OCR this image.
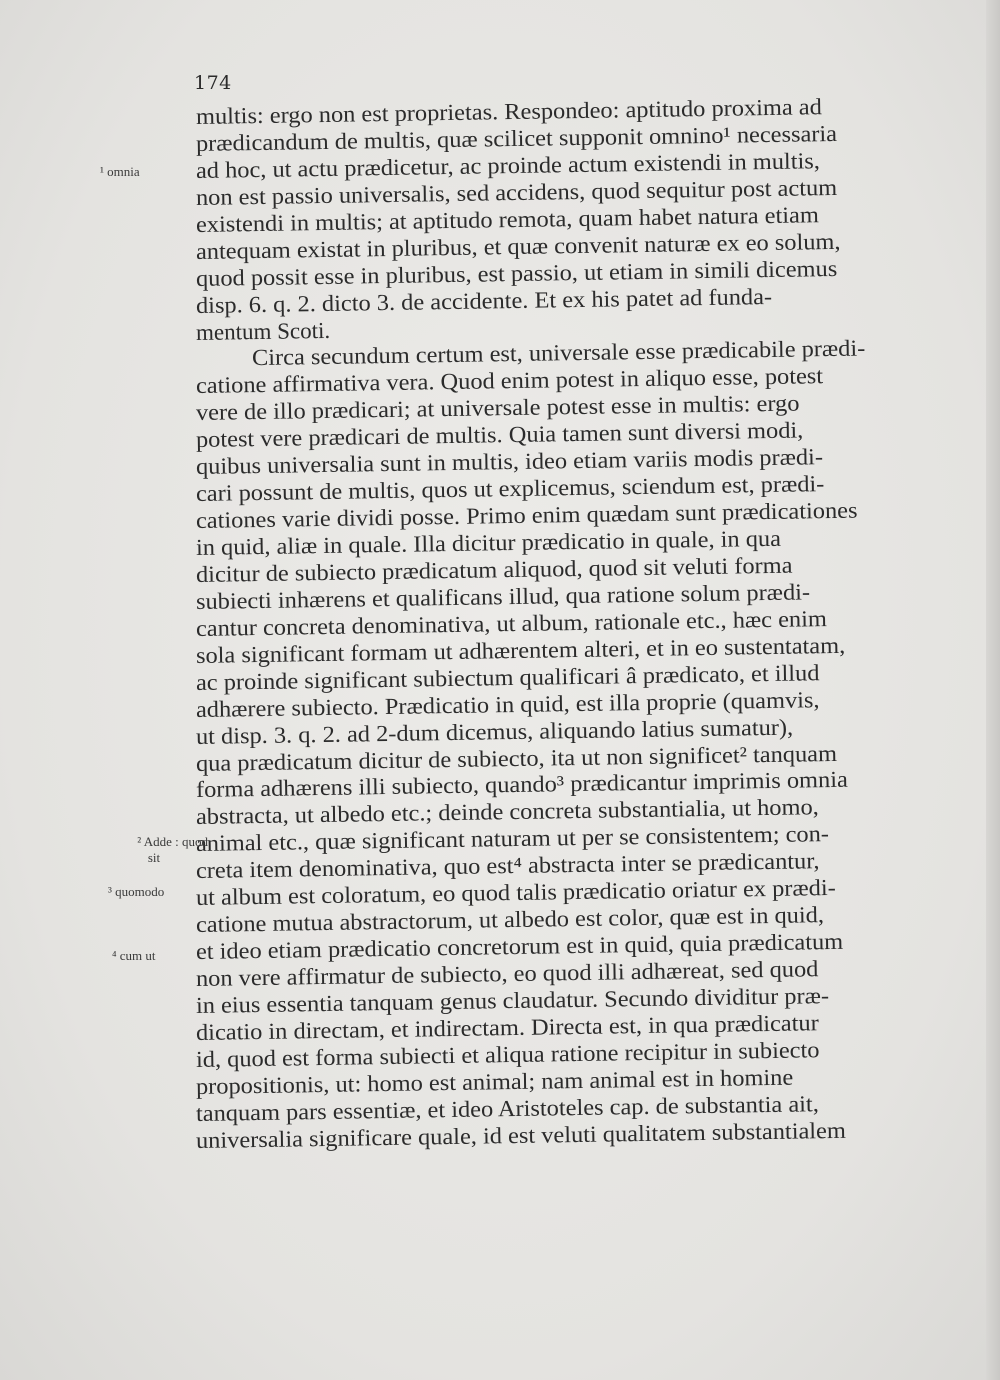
174
multis: ergo non est proprietas. Respondeo: aptitudo proxima ad
prædicandum de multis, quæ scilicet supponit omnino¹ necessaria
ad hoc, ut actu prædicetur, ac proinde actum existendi in multis,
non est passio universalis, sed accidens, quod sequitur post actum
existendi in multis; at aptitudo remota, quam habet natura etiam
antequam existat in pluribus, et quæ convenit naturæ ex eo solum,
quod possit esse in pluribus, est passio, ut etiam in simili dicemus
disp. 6. q. 2. dicto 3. de accidente. Et ex his patet ad funda-
mentum Scoti.
Circa secundum certum est, universale esse prædicabile prædi-
catione affirmativa vera. Quod enim potest in aliquo esse, potest
vere de illo prædicari; at universale potest esse in multis: ergo
potest vere prædicari de multis. Quia tamen sunt diversi modi,
quibus universalia sunt in multis, ideo etiam variis modis prædi-
cari possunt de multis, quos ut explicemus, sciendum est, prædi-
cationes varie dividi posse. Primo enim quædam sunt prædicationes
in quid, aliæ in quale. Illa dicitur prædicatio in quale, in qua
dicitur de subiecto prædicatum aliquod, quod sit veluti forma
subiecti inhærens et qualificans illud, qua ratione solum prædi-
cantur concreta denominativa, ut album, rationale etc., hæc enim
sola significant formam ut adhærentem alteri, et in eo sustentatam,
ac proinde significant subiectum qualificari â prædicato, et illud
adhærere subiecto. Prædicatio in quid, est illa proprie (quamvis,
ut disp. 3. q. 2. ad 2-dum dicemus, aliquando latius sumatur),
qua prædicatum dicitur de subiecto, ita ut non significet² tanquam
forma adhærens illi subiecto, quando³ prædicantur imprimis omnia
abstracta, ut albedo etc.; deinde concreta substantialia, ut homo,
animal etc., quæ significant naturam ut per se consistentem; con-
creta item denominativa, quo est⁴ abstracta inter se prædicantur,
ut album est coloratum, eo quod talis prædicatio oriatur ex prædi-
catione mutua abstractorum, ut albedo est color, quæ est in quid,
et ideo etiam prædicatio concretorum est in quid, quia prædicatum
non vere affirmatur de subiecto, eo quod illi adhæreat, sed quod
in eius essentia tanquam genus claudatur. Secundo dividitur præ-
dicatio in directam, et indirectam. Directa est, in qua prædicatur
id, quod est forma subiecti et aliqua ratione recipitur in subiecto
propositionis, ut: homo est animal; nam animal est in homine
tanquam pars essentiæ, et ideo Aristoteles cap. de substantia ait,
universalia significare quale, id est veluti qualitatem substantialem
¹ omnia
² Adde : quod
sit
³ quomodo
⁴ cum ut
